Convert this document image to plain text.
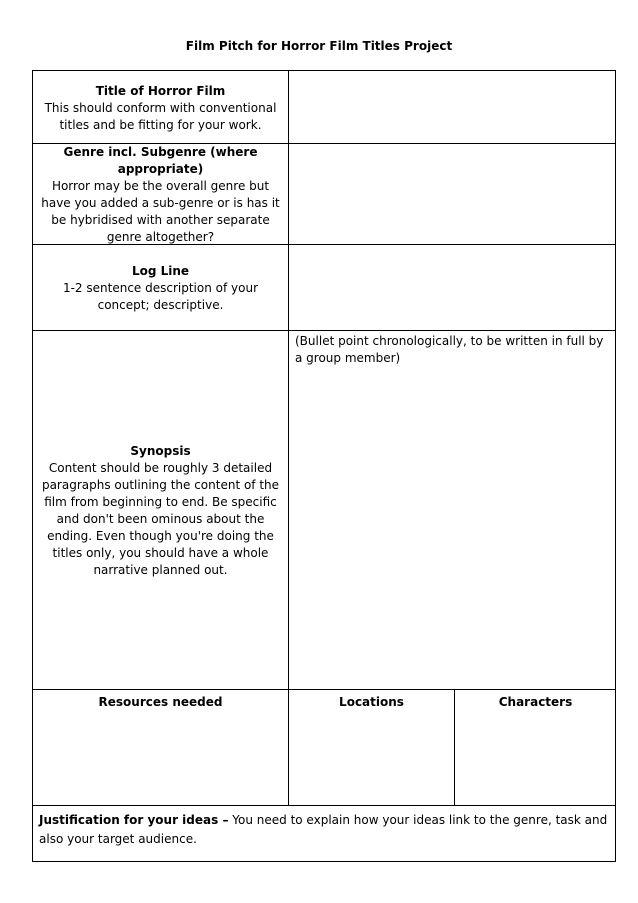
Film Pitch for Horror Film Titles Project
Title of Horror Film
This should conform with conventional titles and be fitting for your work.
Genre incl. Subgenre (where appropriate)
Horror may be the overall genre but have you added a sub-genre or is has it be hybridised with another separate genre altogether?
Log Line
1-2 sentence description of your concept; descriptive.
Synopsis
Content should be roughly 3 detailed paragraphs outlining the content of the film from beginning to end. Be specific and don't been ominous about the ending. Even though you're doing the titles only, you should have a whole narrative planned out.
(Bullet point chronologically, to be written in full by a group member)
Resources needed	Locations	Characters
Justification for your ideas – You need to explain how your ideas link to the genre, task and also your target audience.
